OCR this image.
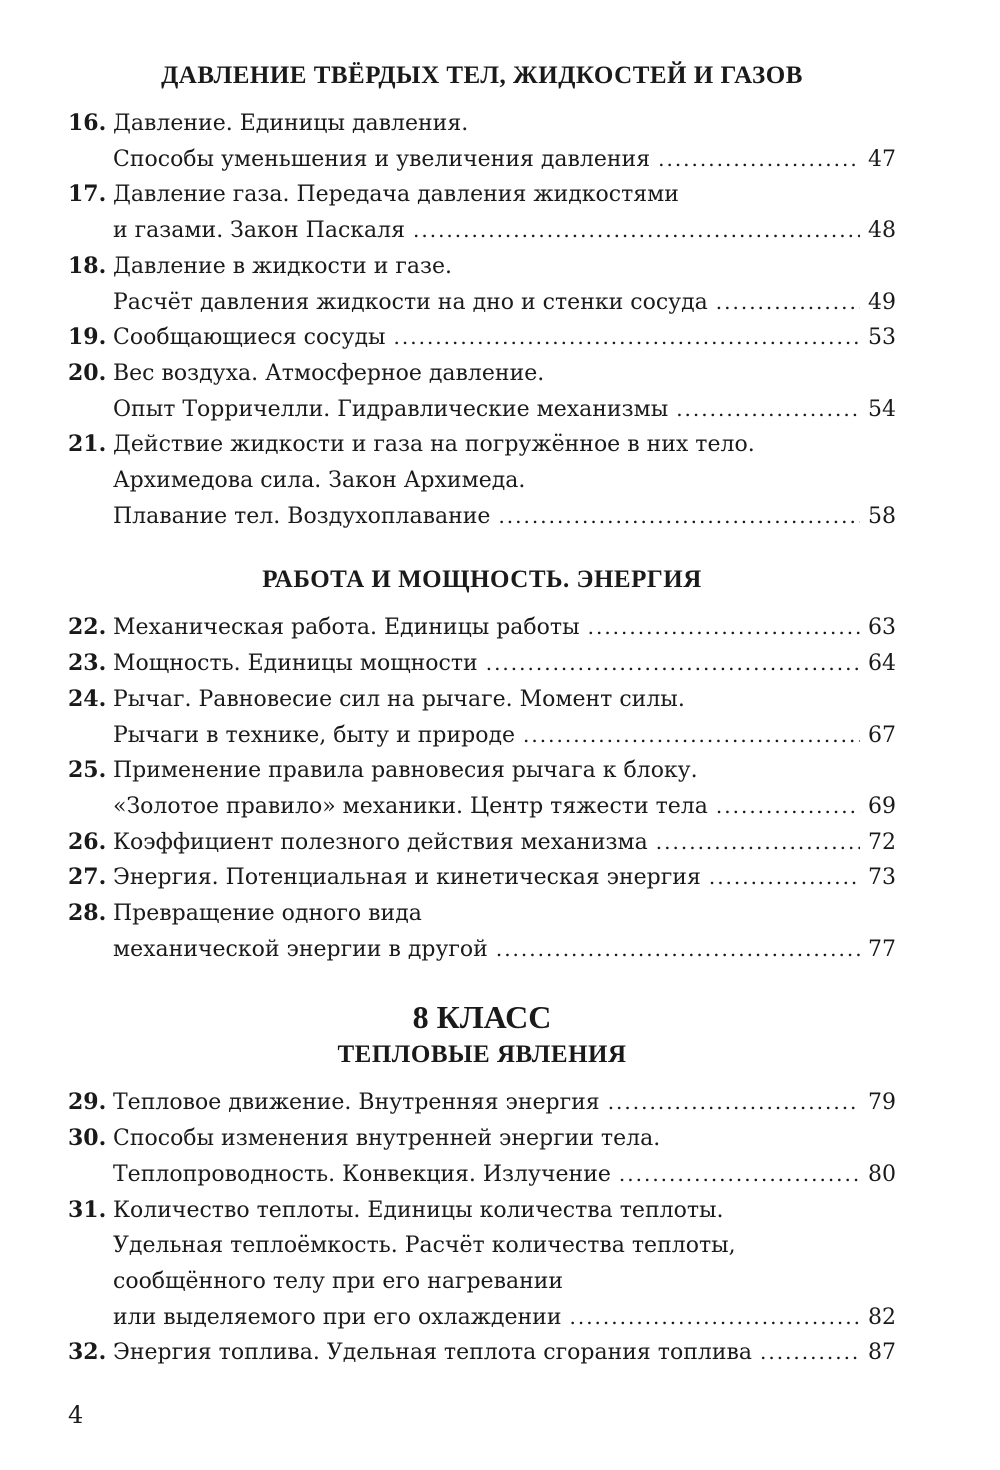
ДАВЛЕНИЕ ТВЁРДЫХ ТЕЛ, ЖИДКОСТЕЙ И ГАЗОВ
16. Давление. Единицы давления.
Способы уменьшения и увеличения давления .....	47
17. Давление газа. Передача давления жидкостями
и газами. Закон Паскаля .....	48
18. Давление в жидкости и газе.
Расчёт давления жидкости на дно и стенки сосуда .....	49
19. Сообщающиеся сосуды .....	53
20. Вес воздуха. Атмосферное давление.
Опыт Торричелли. Гидравлические механизмы .....	54
21. Действие жидкости и газа на погружённое в них тело.
Архимедова сила. Закон Архимеда.
Плавание тел. Воздухоплавание .....	58
РАБОТА И МОЩНОСТЬ. ЭНЕРГИЯ
22. Механическая работа. Единицы работы .....	63
23. Мощность. Единицы мощности .....	64
24. Рычаг. Равновесие сил на рычаге. Момент силы.
Рычаги в технике, быту и природе .....	67
25. Применение правила равновесия рычага к блоку.
«Золотое правило» механики. Центр тяжести тела .....	69
26. Коэффициент полезного действия механизма .....	72
27. Энергия. Потенциальная и кинетическая энергия .....	73
28. Превращение одного вида
механической энергии в другой .....	77
8 КЛАСС
ТЕПЛОВЫЕ ЯВЛЕНИЯ
29. Тепловое движение. Внутренняя энергия .....	79
30. Способы изменения внутренней энергии тела.
Теплопроводность. Конвекция. Излучение .....	80
31. Количество теплоты. Единицы количества теплоты.
Удельная теплоёмкость. Расчёт количества теплоты,
сообщённого телу при его нагревании
или выделяемого при его охлаждении .....	82
32. Энергия топлива. Удельная теплота сгорания топлива .....	87
4
